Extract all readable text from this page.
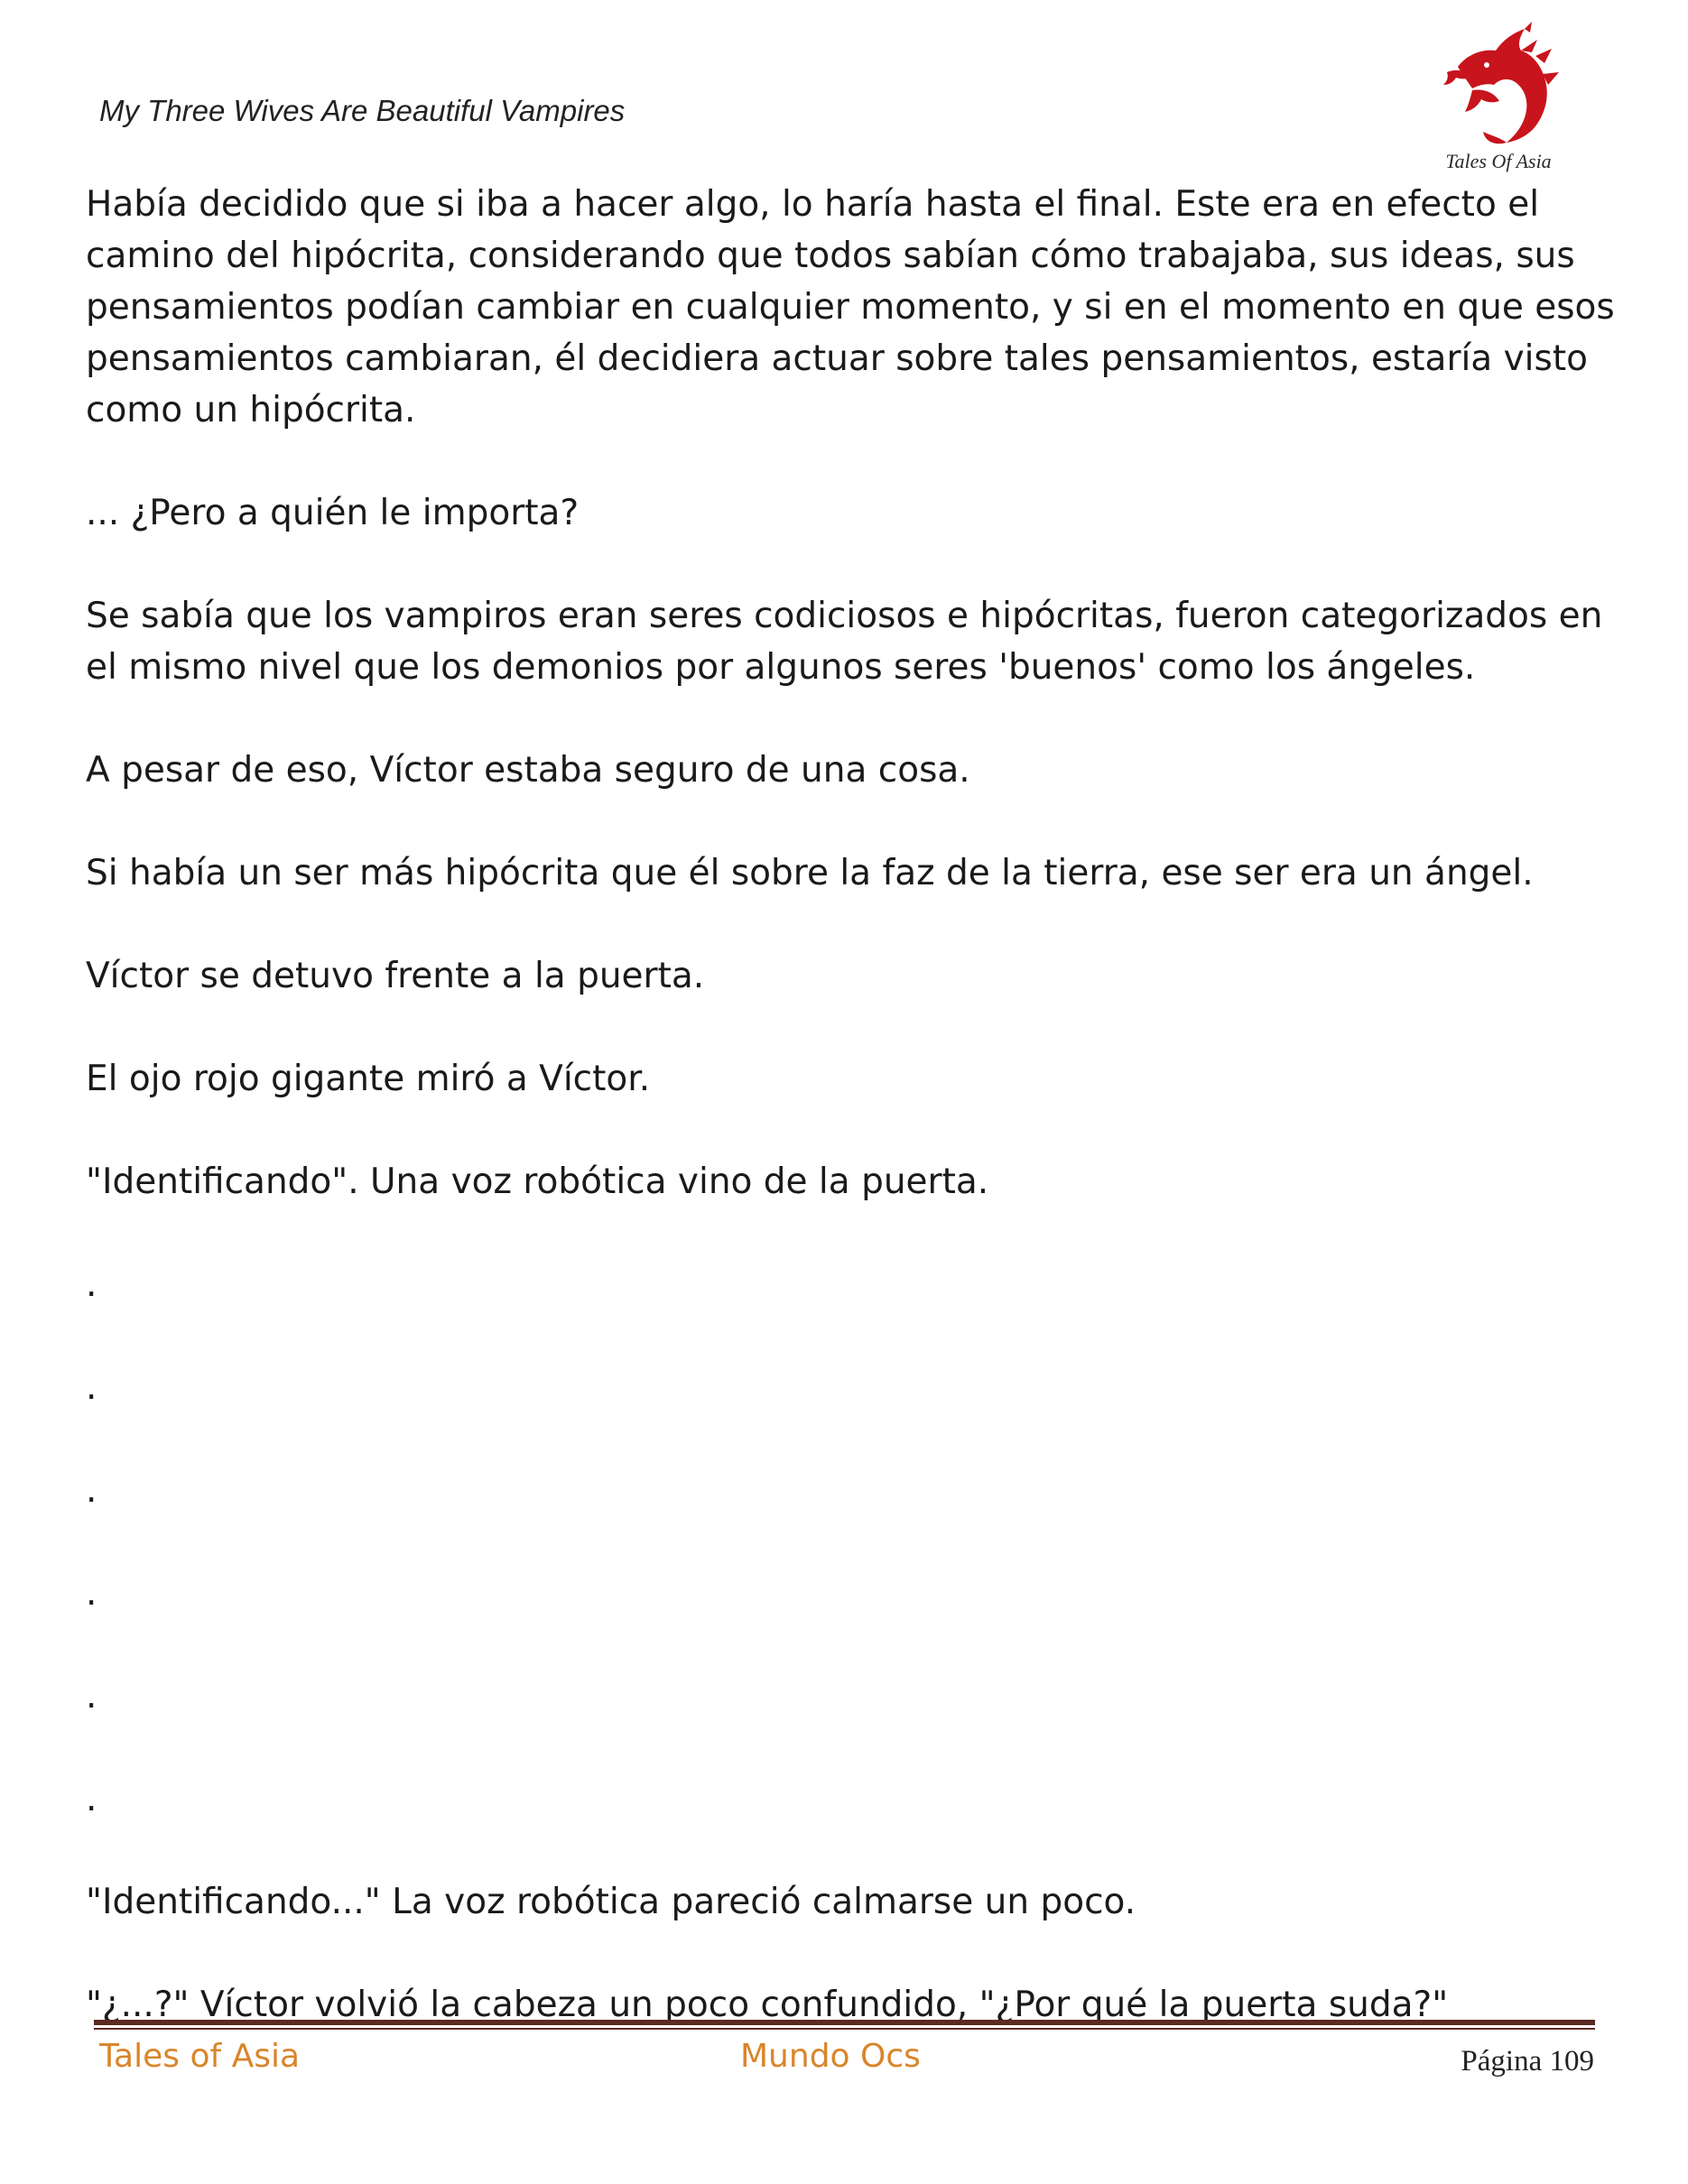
My Three Wives Are Beautiful Vampires
Tales Of Asia

Había decidido que si iba a hacer algo, lo haría hasta el final. Este era en efecto el camino del hipócrita, considerando que todos sabían cómo trabajaba, sus ideas, sus pensamientos podían cambiar en cualquier momento, y si en el momento en que esos pensamientos cambiaran, él decidiera actuar sobre tales pensamientos, estaría visto como un hipócrita.

... ¿Pero a quién le importa?

Se sabía que los vampiros eran seres codiciosos e hipócritas, fueron categorizados en el mismo nivel que los demonios por algunos seres 'buenos' como los ángeles.

A pesar de eso, Víctor estaba seguro de una cosa.

Si había un ser más hipócrita que él sobre la faz de la tierra, ese ser era un ángel.

Víctor se detuvo frente a la puerta.

El ojo rojo gigante miró a Víctor.

"Identificando". Una voz robótica vino de la puerta.

.

.

.

.

.

.

"Identificando..." La voz robótica pareció calmarse un poco.

"¿...?" Víctor volvió la cabeza un poco confundido, "¿Por qué la puerta suda?"

Tales of Asia	Mundo Ocs	Página 109
